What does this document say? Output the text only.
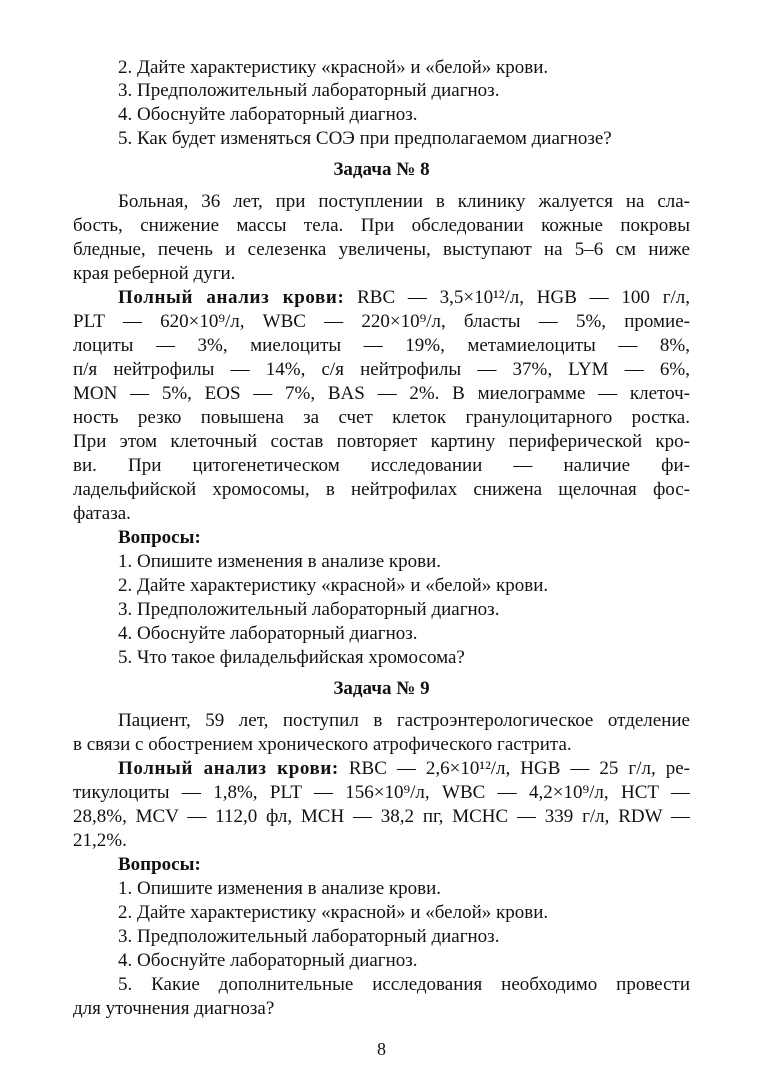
2. Дайте характеристику «красной» и «белой» крови.
3. Предположительный лабораторный диагноз.
4. Обоснуйте лабораторный диагноз.
5. Как будет изменяться СОЭ при предполагаемом диагнозе?
Задача № 8
Больная, 36 лет, при поступлении в клинику жалуется на сла-
бость, снижение массы тела. При обследовании кожные покровы
бледные, печень и селезенка увеличены, выступают на 5–6 см ниже
края реберной дуги.
Полный анализ крови: RBC — 3,5×10¹²/л, HGB — 100 г/л,
PLT — 620×10⁹/л, WBC — 220×10⁹/л, бласты — 5%, промие-
лоциты — 3%, миелоциты — 19%, метамиелоциты — 8%,
п/я нейтрофилы — 14%, с/я нейтрофилы — 37%, LYM — 6%,
MON — 5%, EOS — 7%, BAS — 2%. В миелограмме — клеточ-
ность резко повышена за счет клеток гранулоцитарного ростка.
При этом клеточный состав повторяет картину периферической кро-
ви. При цитогенетическом исследовании — наличие фи-
ладельфийской хромосомы, в нейтрофилах снижена щелочная фос-
фатаза.
Вопросы:
1. Опишите изменения в анализе крови.
2. Дайте характеристику «красной» и «белой» крови.
3. Предположительный лабораторный диагноз.
4. Обоснуйте лабораторный диагноз.
5. Что такое филадельфийская хромосома?
Задача № 9
Пациент, 59 лет, поступил в гастроэнтерологическое отделение
в связи с обострением хронического атрофического гастрита.
Полный анализ крови: RBC — 2,6×10¹²/л, HGB — 25 г/л, ре-
тикулоциты — 1,8%, PLT — 156×10⁹/л, WBC — 4,2×10⁹/л, HCT —
28,8%, MCV — 112,0 фл, MCH — 38,2 пг, MCHC — 339 г/л, RDW —
21,2%.
Вопросы:
1. Опишите изменения в анализе крови.
2. Дайте характеристику «красной» и «белой» крови.
3. Предположительный лабораторный диагноз.
4. Обоснуйте лабораторный диагноз.
5. Какие дополнительные исследования необходимо провести
для уточнения диагноза?
8
